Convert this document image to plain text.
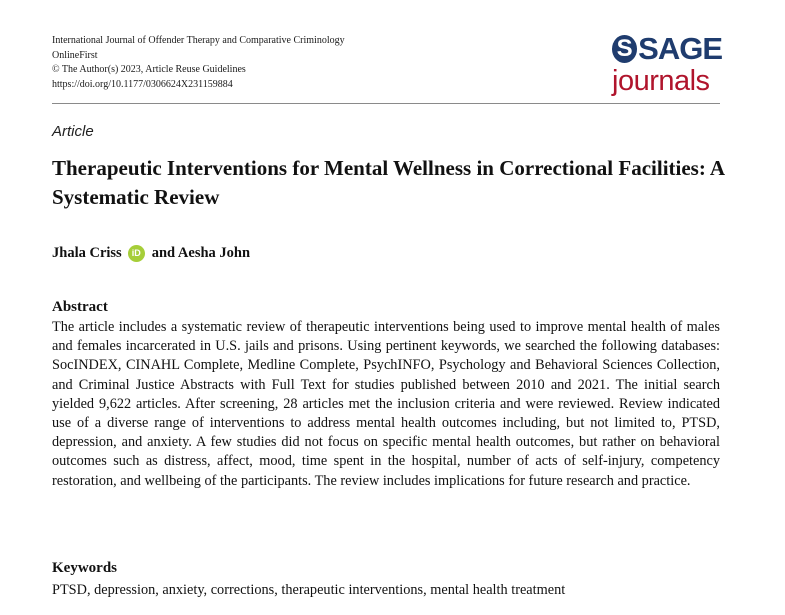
International Journal of Offender Therapy and Comparative Criminology
OnlineFirst
© The Author(s) 2023, Article Reuse Guidelines
https://doi.org/10.1177/0306624X231159884
S SAGE
journals
Article
Therapeutic Interventions for Mental Wellness in Correctional Facilities: A Systematic Review
Jhala Criss	iD and Aesha John
Abstract

The article includes a systematic review of therapeutic interventions being used to improve mental health of males and females incarcerated in U.S. jails and prisons. Using pertinent keywords, we searched the following databases: SocINDEX, CINAHL Complete, Medline Complete, PsychINFO, Psychology and Behavioral Sciences Collection, and Criminal Justice Abstracts with Full Text for studies published between 2010 and 2021. The initial search yielded 9,622 articles. After screening, 28 articles met the inclusion criteria and were reviewed. Review indicated use of a diverse range of interventions to address mental health outcomes including, but not limited to, PTSD, depression, and anxiety. A few studies did not focus on specific mental health outcomes, but rather on behavioral outcomes such as distress, affect, mood, time spent in the hospital, number of acts of self-injury, competency restoration, and wellbeing of the participants. The review includes implications for future research and practice.

Keywords
PTSD, depression, anxiety, corrections, therapeutic interventions, mental health treatment
